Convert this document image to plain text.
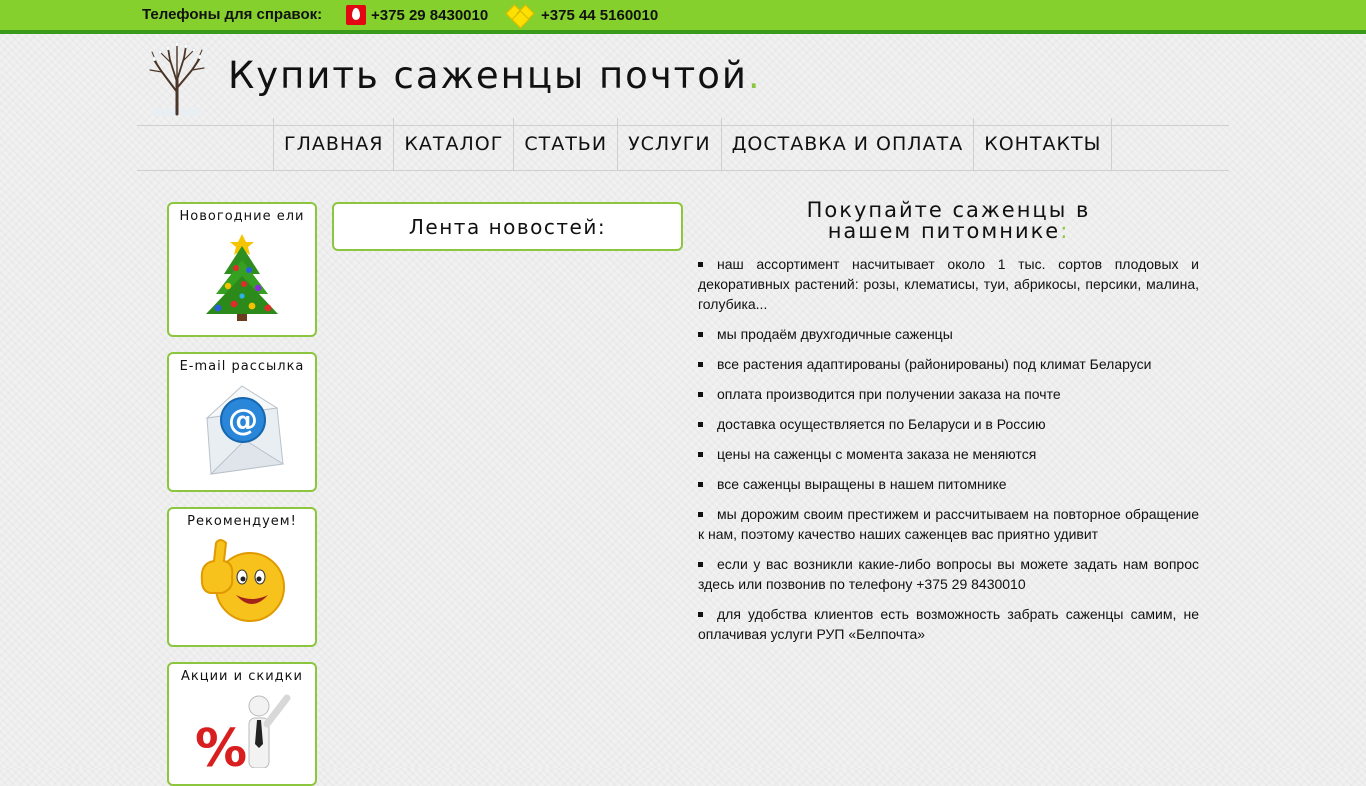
Телефоны для справок:	+375 29 8430010	+375 44 5160010
Купить саженцы почтой.
ГЛАВНАЯ	КАТАЛОГ	СТАТЬИ	УСЛУГИ	ДОСТАВКА И ОПЛАТА	КОНТАКТЫ
Новогодние ели
E-mail рассылка
@
Рекомендуем!
Акции и скидки
%
Лента новостей:
Покупайте саженцы в
нашем питомнике:
наш ассортимент насчитывает около 1 тыс. сортов плодовых и декоративных растений: розы, клематисы, туи, абрикосы, персики, малина, голубика...
мы продаём двухгодичные саженцы
все растения адаптированы (районированы) под климат Беларуси
оплата производится при получении заказа на почте
доставка осуществляется по Беларуси и в Россию
цены на саженцы с момента заказа не меняются
все саженцы выращены в нашем питомнике
мы дорожим своим престижем и рассчитываем на повторное обращение к нам, поэтому качество наших саженцев вас приятно удивит
если у вас возникли какие-либо вопросы вы можете задать нам вопрос здесь или позвонив по телефону +375 29 8430010
для удобства клиентов есть возможность забрать саженцы самим, не оплачивая услуги РУП «Белпочта»
